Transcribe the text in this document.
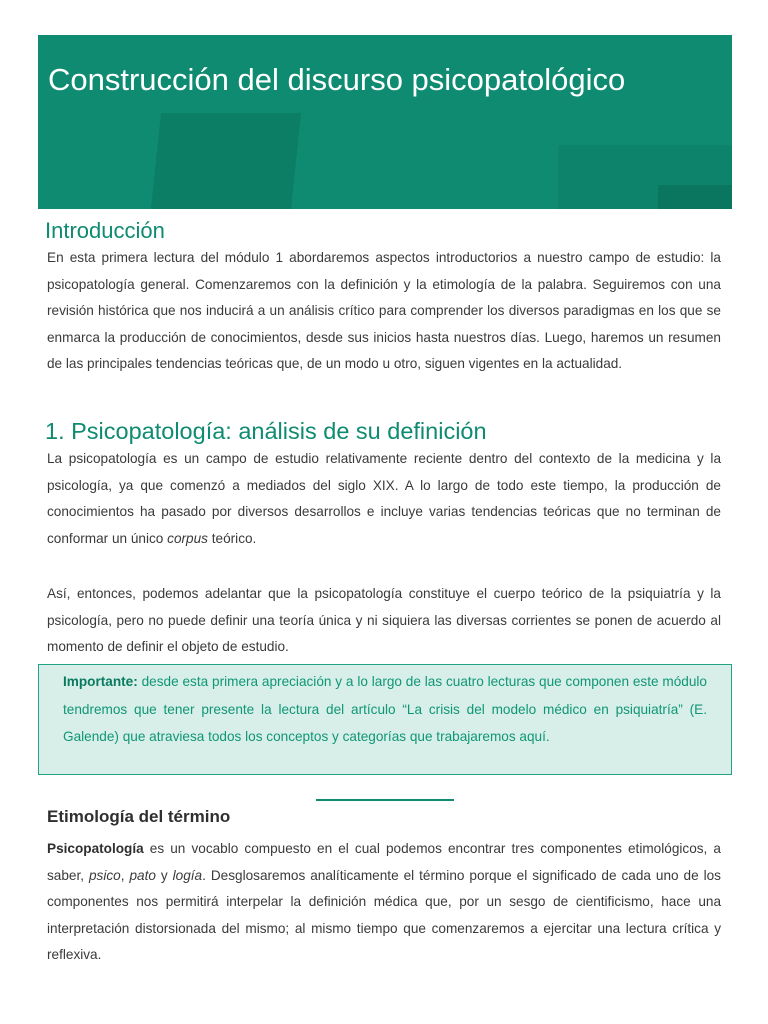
Construcción del discurso psicopatológico
Introducción

En esta primera lectura del módulo 1 abordaremos aspectos introductorios a nuestro campo de estudio: la psicopatología general. Comenzaremos con la definición y la etimología de la palabra. Seguiremos con una revisión histórica que nos inducirá a un análisis crítico para comprender los diversos paradigmas en los que se enmarca la producción de conocimientos, desde sus inicios hasta nuestros días. Luego, haremos un resumen de las principales tendencias teóricas que, de un modo u otro, siguen vigentes en la actualidad.

1. Psicopatología: análisis de su definición

La psicopatología es un campo de estudio relativamente reciente dentro del contexto de la medicina y la psicología, ya que comenzó a mediados del siglo XIX. A lo largo de todo este tiempo, la producción de conocimientos ha pasado por diversos desarrollos e incluye varias tendencias teóricas que no terminan de conformar un único corpus teórico.

Así, entonces, podemos adelantar que la psicopatología constituye el cuerpo teórico de la psiquiatría y la psicología, pero no puede definir una teoría única y ni siquiera las diversas corrientes se ponen de acuerdo al momento de definir el objeto de estudio.

Importante: desde esta primera apreciación y a lo largo de las cuatro lecturas que componen este módulo tendremos que tener presente la lectura del artículo “La crisis del modelo médico en psiquiatría” (E. Galende) que atraviesa todos los conceptos y categorías que trabajaremos aquí.

Etimología del término

Psicopatología es un vocablo compuesto en el cual podemos encontrar tres componentes etimológicos, a saber, psico, pato y logía. Desglosaremos analíticamente el término porque el significado de cada uno de los componentes nos permitirá interpelar la definición médica que, por un sesgo de cientificismo, hace una interpretación distorsionada del mismo; al mismo tiempo que comenzaremos a ejercitar una lectura crítica y reflexiva.
